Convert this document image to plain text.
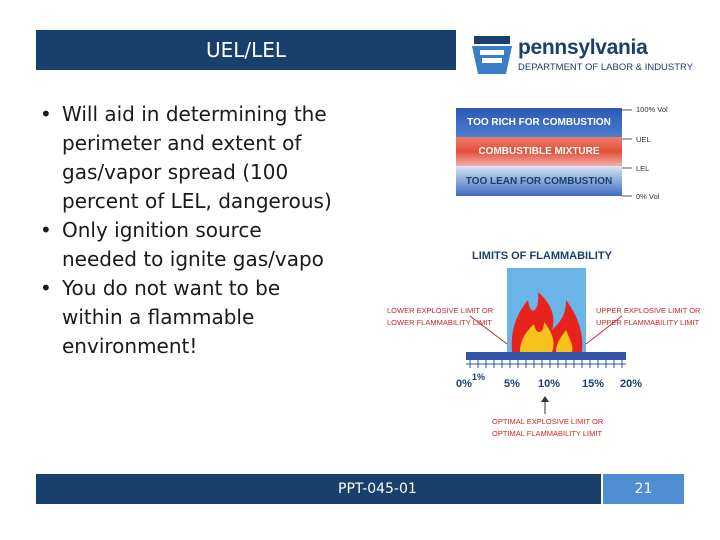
UEL/LEL	pennsylvania
DEPARTMENT OF LABOR & INDUSTRY
• Will aid in determining the
perimeter and extent of
gas/vapor spread (100
percent of LEL, dangerous)
• Only ignition source
needed to ignite gas/vapo
• You do not want to be
within a flammable
environment!
TOO RICH FOR COMBUSTION
COMBUSTIBLE MIXTURE
TOO LEAN FOR COMBUSTION
100% Vol
UEL
LEL
0% Vol
LIMITS OF FLAMMABILITY
LOWER EXPLOSIVE LIMIT OR
LOWER FLAMMABILITY LIMIT
UPPER EXPLOSIVE LIMIT OR
UPPER FLAMMABILITY LIMIT
0%
1%
5% 10% 15% 20%
OPTIMAL EXPLOSIVE LIMIT OR
OPTIMAL FLAMMABILITY LIMIT
PPT-045-01	21
